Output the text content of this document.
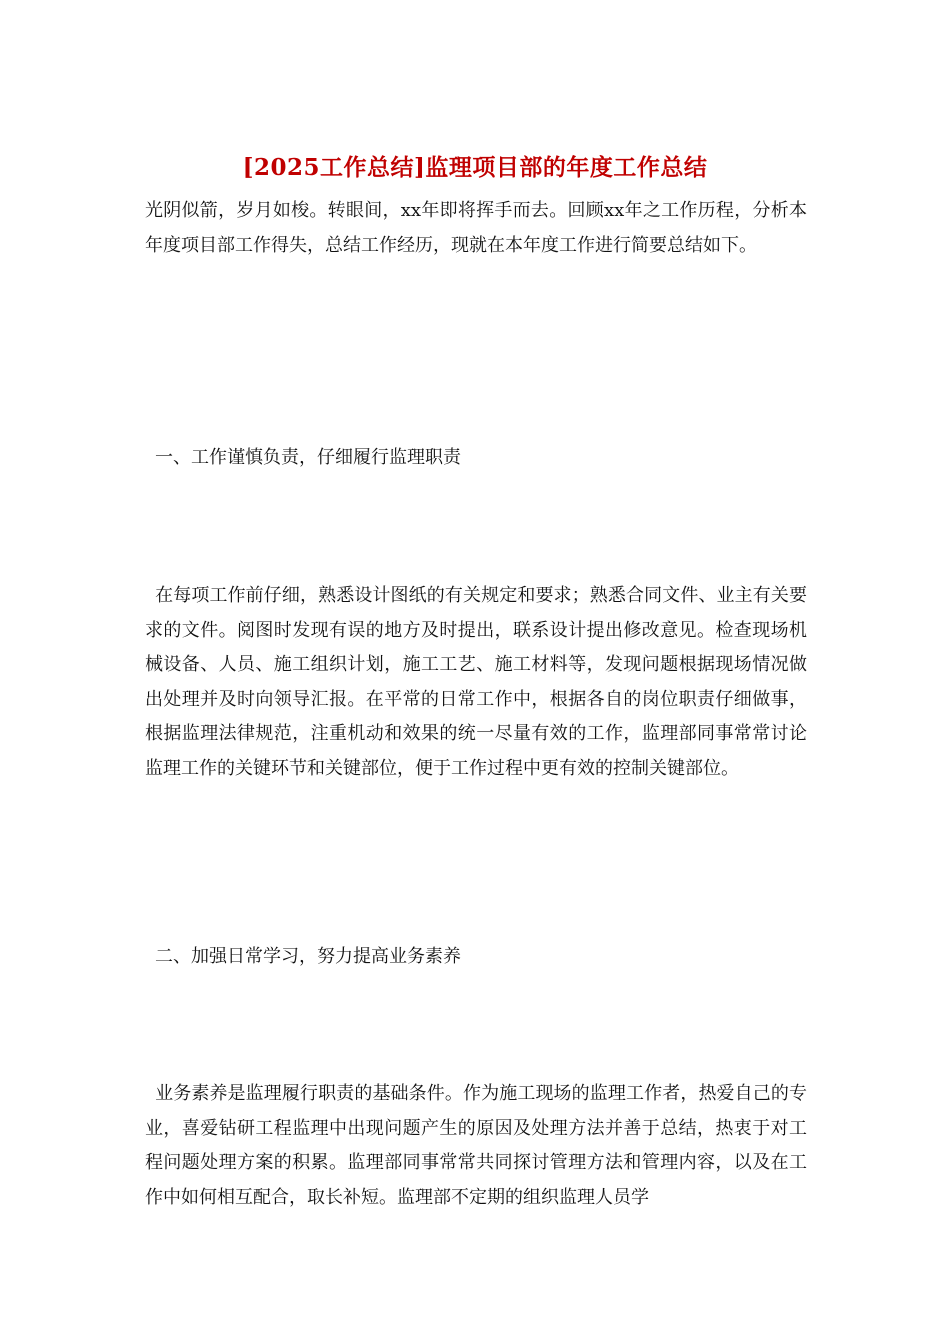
[2025工作总结]监理项目部的年度工作总结

光阴似箭，岁月如梭。转眼间，xx年即将挥手而去。回顾xx年之工作历程，分析本年度项目部工作得失，总结工作经历，现就在本年度工作进行简要总结如下。

一、工作谨慎负责，仔细履行监理职责

在每项工作前仔细，熟悉设计图纸的有关规定和要求；熟悉合同文件、业主有关要求的文件。阅图时发现有误的地方及时提出，联系设计提出修改意见。检查现场机械设备、人员、施工组织计划，施工工艺、施工材料等，发现问题根据现场情况做出处理并及时向领导汇报。在平常的日常工作中，根据各自的岗位职责仔细做事，根据监理法律规范，注重机动和效果的统一尽量有效的工作，监理部同事常常讨论监理工作的关键环节和关键部位，便于工作过程中更有效的控制关键部位。

二、加强日常学习，努力提高业务素养

业务素养是监理履行职责的基础条件。作为施工现场的监理工作者，热爱自己的专业，喜爱钻研工程监理中出现问题产生的原因及处理方法并善于总结，热衷于对工程问题处理方案的积累。监理部同事常常共同探讨管理方法和管理内容，以及在工作中如何相互配合，取长补短。监理部不定期的组织监理人员学
